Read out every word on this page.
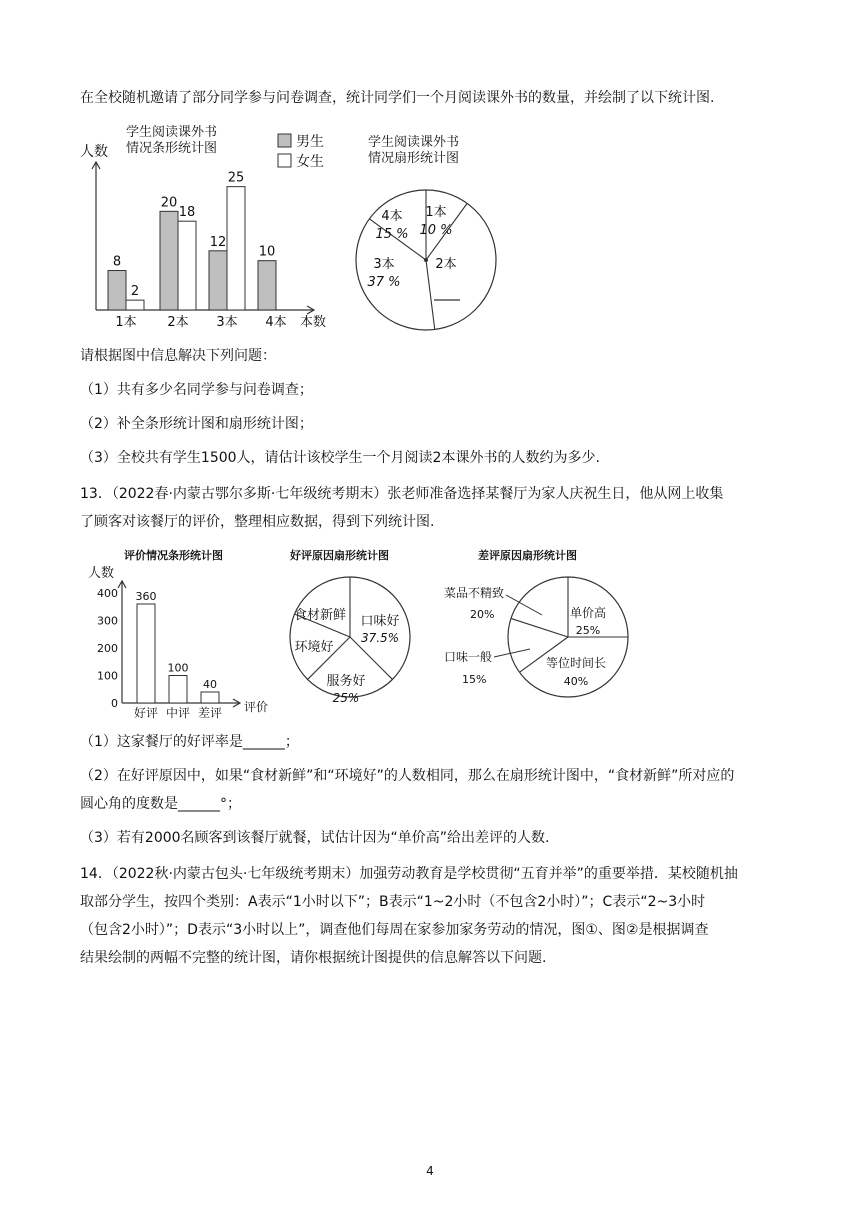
在全校随机邀请了部分同学参与问卷调查，统计同学们一个月阅读课外书的数量，并绘制了以下统计图.
人数
学生阅读课外书
情况条形统计图	男生
女生
8
2
1本
20
18
2本
12
25
3本
10
4本 本数
学生阅读课外书
情况扇形统计图
1本
10 %
2本
3本
37 %
4本
15 %
请根据图中信息解决下列问题：
（1）共有多少名同学参与问卷调查；
（2）补全条形统计图和扇形统计图；
（3）全校共有学生1500人，请估计该校学生一个月阅读2本课外书的人数约为多少.
13．（2022春·内蒙古鄂尔多斯·七年级统考期末）张老师准备选择某餐厅为家人庆祝生日，他从网上收集
了顾客对该餐厅的评价，整理相应数据，得到下列统计图.
评价情况条形统计图
人数
0
100
200
300
400 360
好评
100
中评
40
差评 评价
好评原因扇形统计图
口味好
37.5%
服务好
25%
环境好
食材新鲜
差评原因扇形统计图
单价高
25%
等位时间长
40%
菜品不精致
20%
口味一般
15%
（1）这家餐厅的好评率是______；
（2）在好评原因中，如果“食材新鲜”和“环境好”的人数相同，那么在扇形统计图中，“食材新鲜”所对应的
圆心角的度数是______°；
（3）若有2000名顾客到该餐厅就餐，试估计因为“单价高”给出差评的人数.
14．（2022秋·内蒙古包头·七年级统考期末）加强劳动教育是学校贯彻“五育并举”的重要举措．某校随机抽
取部分学生，按四个类别：A表示“1小时以下”；B表示“1~2小时（不包含2小时）”；C表示“2~3小时
（包含2小时）”；D表示“3小时以上”，调查他们每周在家参加家务劳动的情况，图①、图②是根据调查
结果绘制的两幅不完整的统计图，请你根据统计图提供的信息解答以下问题.
4
